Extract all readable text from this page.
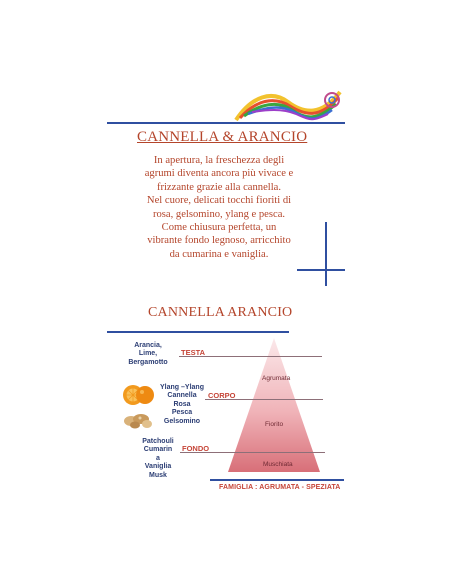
CANNELLA & ARANCIO
In apertura, la freschezza degli
agrumi diventa ancora più vivace e
frizzante grazie alla cannella.
Nel cuore, delicati tocchi fioriti di
rosa, gelsomino, ylang e pesca.
Come chiusura perfetta, un
vibrante fondo legnoso, arricchito
da cumarina e vaniglia.
CANNELLA ARANCIO
Agrumata
Fiorito
Muschiata
TESTA
CORPO
FONDO
Arancia,
Lime,
Bergamotto
Ylang –Ylang
Cannella
Rosa
Pesca
Gelsomino
Patchouli
Cumarin
a
Vaniglia
Musk
FAMIGLIA : AGRUMATA - SPEZIATA
